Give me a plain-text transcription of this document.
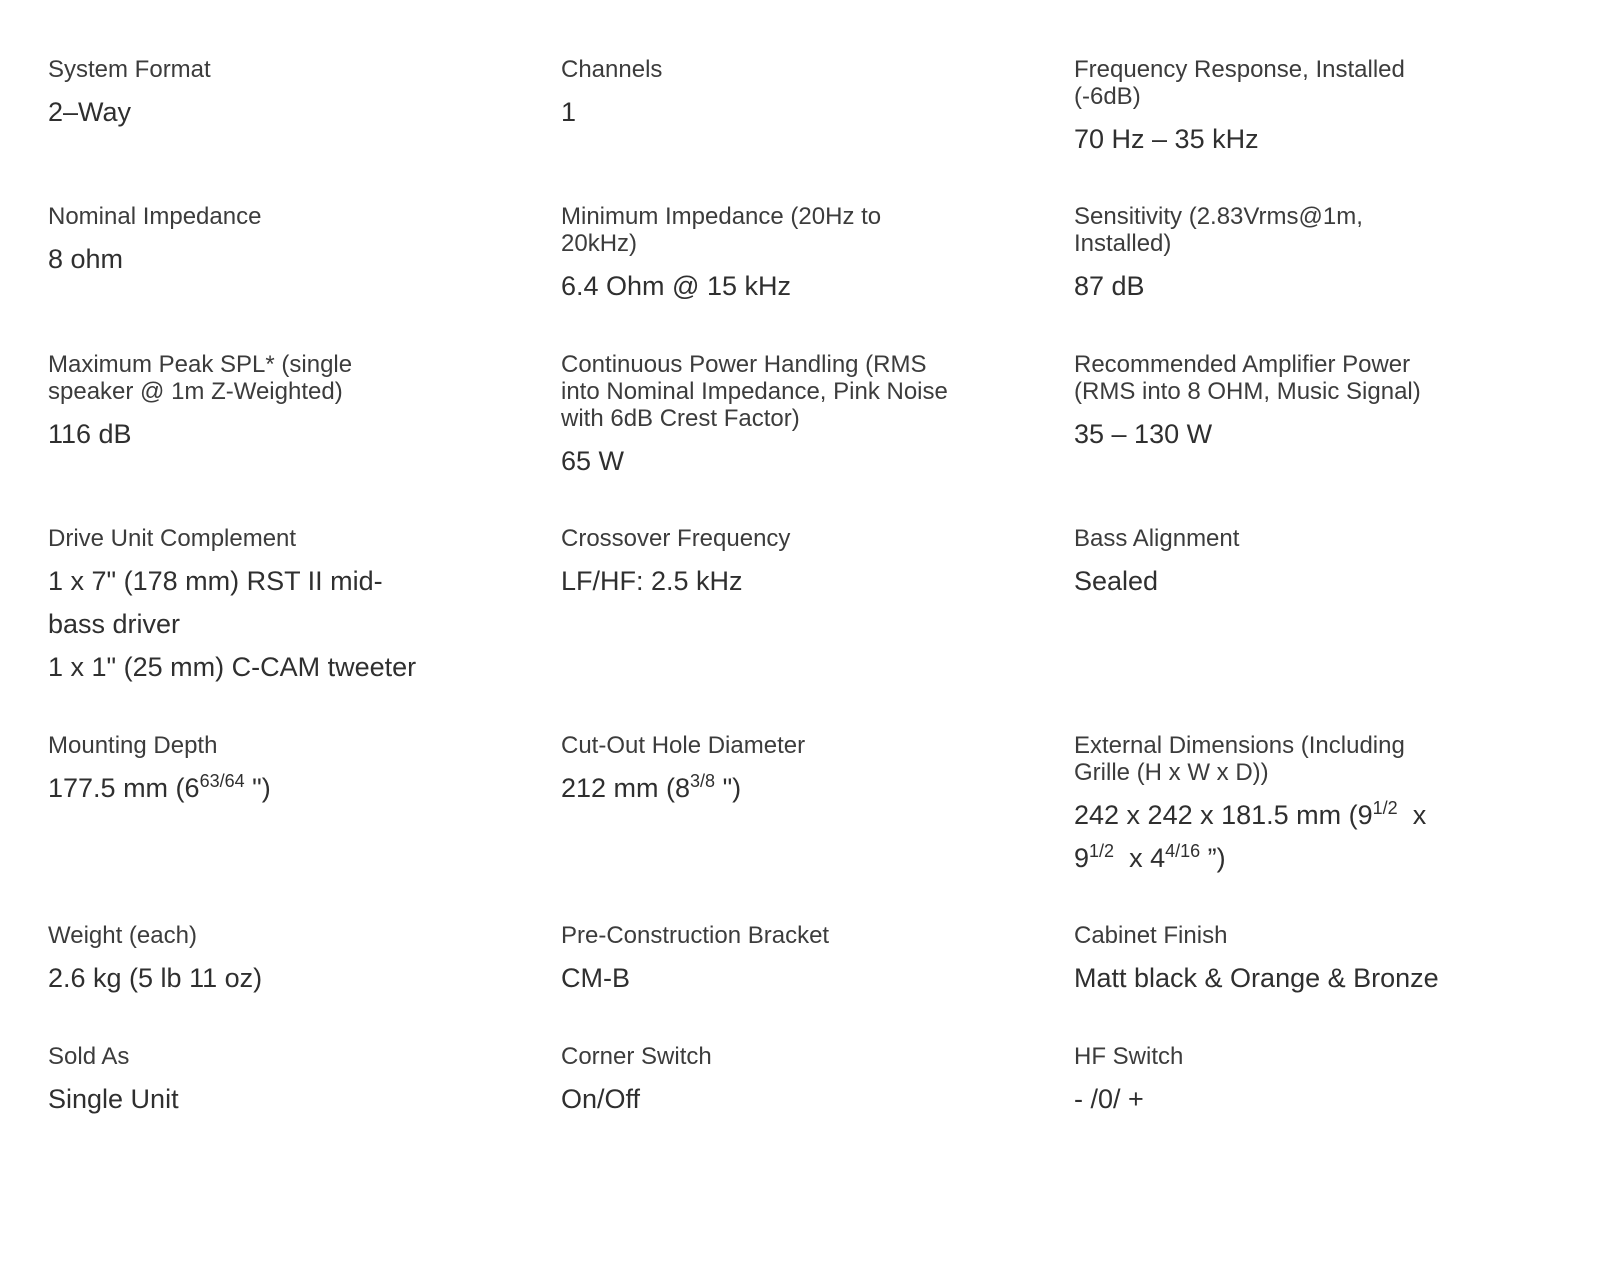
System Format
2–Way
Channels
1
Frequency Response, Installed (-6dB)
70 Hz – 35 kHz
Nominal Impedance
8 ohm
Minimum Impedance (20Hz to 20kHz)
6.4 Ohm @ 15 kHz
Sensitivity (2.83Vrms@1m, Installed)
87 dB
Maximum Peak SPL* (single speaker @ 1m Z-Weighted)
116 dB
Continuous Power Handling (RMS into Nominal Impedance, Pink Noise with 6dB Crest Factor)
65 W
Recommended Amplifier Power (RMS into 8 OHM, Music Signal)
35 – 130 W
Drive Unit Complement
1 x 7" (178 mm) RST II mid-bass driver
1 x 1" (25 mm) C-CAM tweeter
Crossover Frequency
LF/HF: 2.5 kHz
Bass Alignment
Sealed
Mounting Depth
177.5 mm ($6^{63/64}$ ")
Cut-Out Hole Diameter
212 mm ($8^{3/8}$ ")
External Dimensions (Including Grille (H x W x D))
242 x 242 x 181.5 mm ($9^{1/2}$  x $9^{1/2}$  x $4^{4/16}$ ”)
Weight (each)
2.6 kg (5 lb 11 oz)
Pre-Construction Bracket
CM-B
Cabinet Finish
Matt black & Orange & Bronze
Sold As
Single Unit
Corner Switch
On/Off
HF Switch
- /0/ +
